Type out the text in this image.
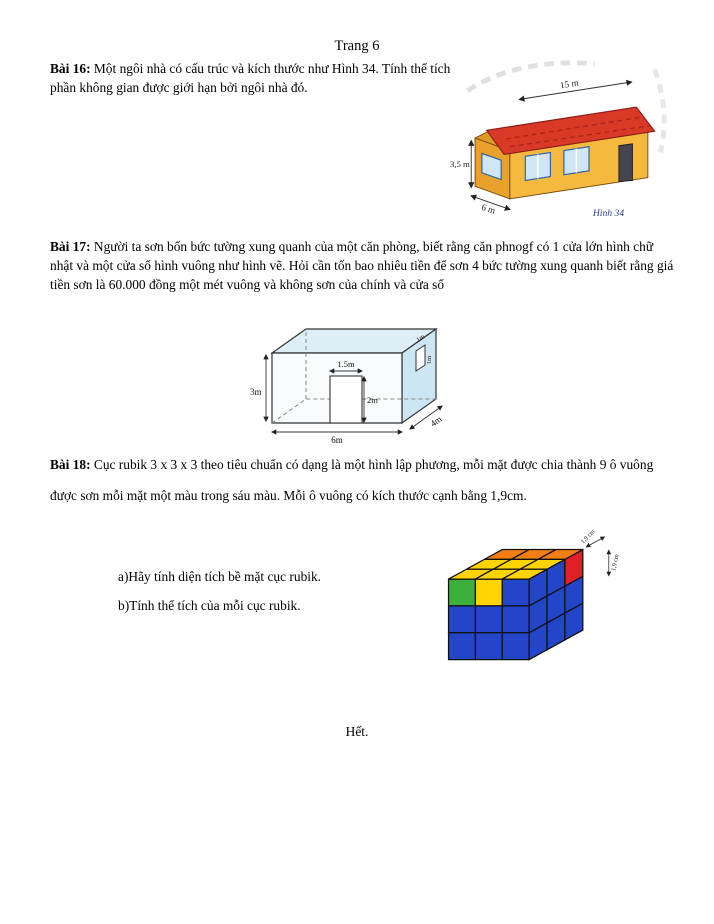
Trang 6

Bài 16: Một ngôi nhà có cấu trúc và kích thước như Hình 34. Tính thể tích phần không gian được giới hạn bởi ngôi nhà đó.	15 m
3,5 m
6 m	Hình 34

Bài 17: Người ta sơn bốn bức tường xung quanh của một căn phòng, biết rằng căn phnogf có 1 cửa lớn hình chữ nhật và một cửa sổ hình vuông như hình vẽ. Hỏi cần tốn bao nhiêu tiền để sơn 4 bức tường xung quanh biết rằng giá tiền sơn là 60.000 đồng một mét vuông và không sơn của chính và cửa sổ

1.5m
2m
3m
6m
4m
1m
1m

Bài 18: Cục rubik 3 x 3 x 3 theo tiêu chuẩn có dạng là một hình lập phương, mỗi mặt được chia thành 9 ô vuông được sơn mỗi mặt một màu trong sáu màu. Mỗi ô vuông có kích thước cạnh bằng 1,9cm.

a)Hãy tính diện tích bề mặt cục rubik.
b)Tính thể tích của mỗi cục rubik.
1,9 cm
1,9 cm
Hết.
